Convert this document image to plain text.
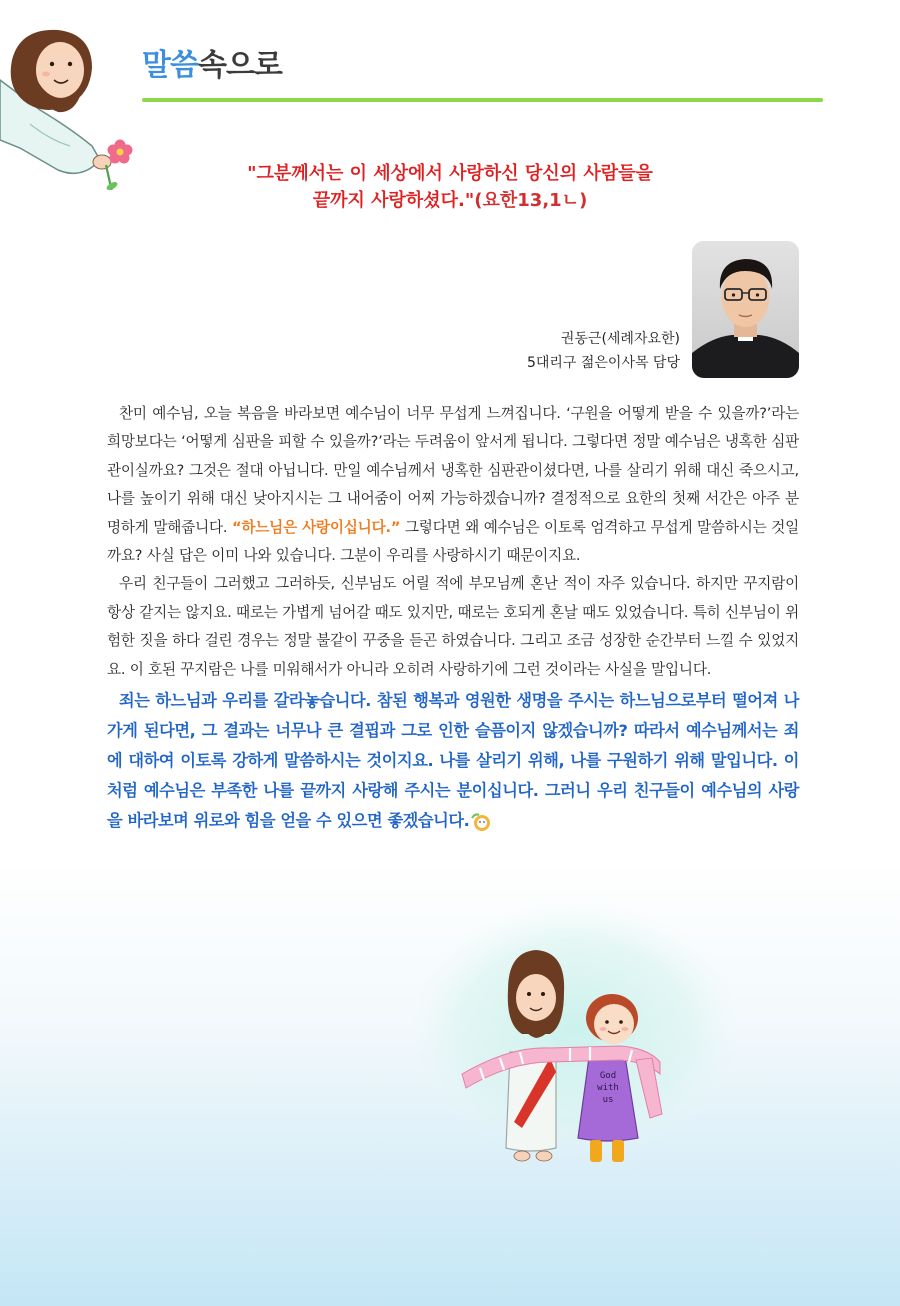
말씀속으로
"그분께서는 이 세상에서 사랑하신 당신의 사람들을
끝까지 사랑하셨다."(요한13,1ㄴ)
권동근(세례자요한)
5대리구 젊은이사목 담당

찬미 예수님, 오늘 복음을 바라보면 예수님이 너무 무섭게 느껴집니다. ‘구원을 어떻게 받을 수 있을까?’라는 희망보다는 ‘어떻게 심판을 피할 수 있을까?’라는 두려움이 앞서게 됩니다. 그렇다면 정말 예수님은 냉혹한 심판관이실까요? 그것은 절대 아닙니다. 만일 예수님께서 냉혹한 심판관이셨다면, 나를 살리기 위해 대신 죽으시고, 나를 높이기 위해 대신 낮아지시는 그 내어줌이 어찌 가능하겠습니까? 결정적으로 요한의 첫째 서간은 아주 분명하게 말해줍니다. “하느님은 사랑이십니다.” 그렇다면 왜 예수님은 이토록 엄격하고 무섭게 말씀하시는 것일까요? 사실 답은 이미 나와 있습니다. 그분이 우리를 사랑하시기 때문이지요.

우리 친구들이 그러했고 그러하듯, 신부님도 어릴 적에 부모님께 혼난 적이 자주 있습니다. 하지만 꾸지람이 항상 같지는 않지요. 때로는 가볍게 넘어갈 때도 있지만, 때로는 호되게 혼날 때도 있었습니다. 특히 신부님이 위험한 짓을 하다 걸린 경우는 정말 불같이 꾸중을 듣곤 하였습니다. 그리고 조금 성장한 순간부터 느낄 수 있었지요. 이 호된 꾸지람은 나를 미워해서가 아니라 오히려 사랑하기에 그런 것이라는 사실을 말입니다.

죄는 하느님과 우리를 갈라놓습니다. 참된 행복과 영원한 생명을 주시는 하느님으로부터 떨어져 나가게 된다면, 그 결과는 너무나 큰 결핍과 그로 인한 슬픔이지 않겠습니까? 따라서 예수님께서는 죄에 대하여 이토록 강하게 말씀하시는 것이지요. 나를 살리기 위해, 나를 구원하기 위해 말입니다. 이처럼 예수님은 부족한 나를 끝까지 사랑해 주시는 분이십니다. 그러니 우리 친구들이 예수님의 사랑을 바라보며 위로와 힘을 얻을 수 있으면 좋겠습니다.

God
with
us
